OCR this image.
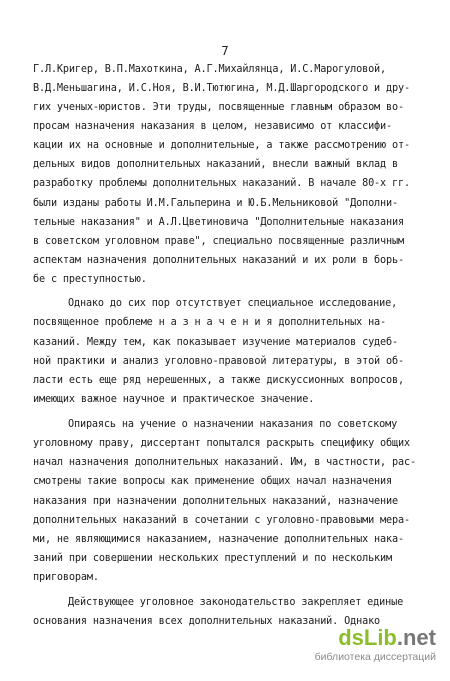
7
Г.Л.Кригер, В.П.Махоткина, А.Г.Михайлянца, И.С.Марогуловой,
В.Д.Меньшагина, И.С.Ноя, В.И.Тютюгина, М.Д.Шаргородского и дру-
гих ученых-юристов. Эти труды, посвященные главным образом во-
просам назначения наказания в целом, независимо от классифи-
кации их на основные и дополнительные, а также рассмотрению от-
дельных видов дополнительных наказаний, внесли важный вклад в
разработку проблемы дополнительных наказаний. В начале 80-х гг.
были изданы работы И.М.Гальперина и Ю.Б.Мельниковой "Дополни-
тельные наказания" и А.Л.Цветиновича "Дополнительные наказания
в советском уголовном праве", специально посвященные различным
аспектам назначения дополнительных наказаний и их роли в борь-
бе с преступностью.
Однако до сих пор отсутствует специальное исследование,
посвященное проблеме н а з н а ч е н и я дополнительных на-
казаний. Между тем, как показывает изучение материалов судеб-
ной практики и анализ уголовно-правовой литературы, в этой об-
ласти есть еще ряд нерешенных, а также дискуссионных вопросов,
имеющих важное научное и практическое значение.
Опираясь на учение о назначении наказания по советскому
уголовному праву, диссертант попытался раскрыть специфику общих
начал назначения дополнительных наказаний. Им, в частности, рас-
смотрены такие вопросы как применение общих начал назначения
наказания при назначении дополнительных наказаний, назначение
дополнительных наказаний в сочетании с уголовно-правовыми мера-
ми, не являющимися наказанием, назначение дополнительных нака-
заний при совершении нескольких преступлений и по нескольким
приговорам.
Действующее уголовное законодательство закрепляет единые
основания назначения всех дополнительных наказаний. Однако
dsLib.net
библиотека диссертаций
